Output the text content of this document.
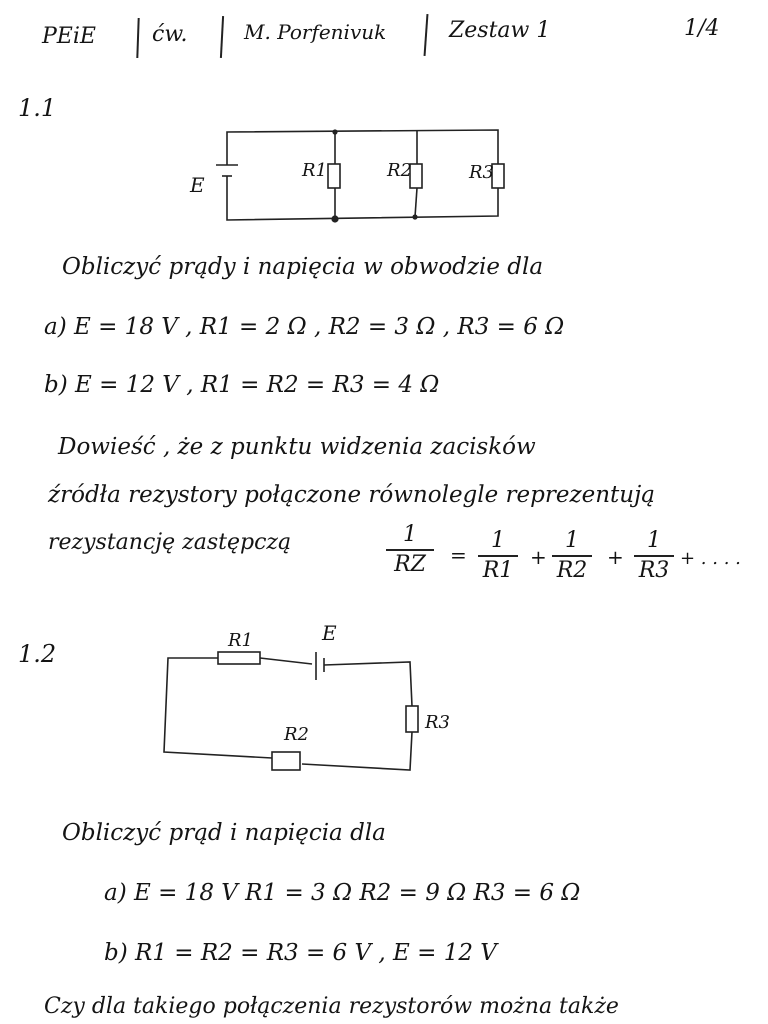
PEiE	ćw.	M. Porfenivuk	Zestaw 1	1/4
1.1
E
R1	R2	R3
Obliczyć prądy i napięcia w obwodzie dla
a) E = 18 V , R1 = 2 Ω , R2 = 3 Ω , R3 = 6 Ω
b) E = 12 V , R1 = R2 = R3 = 4 Ω
Dowieść , że z punktu widzenia zacisków
źródła rezystory połączone równolegle reprezentują
rezystancję zastępczą	$\frac{1}{RZ} = \frac{1}{R1} + \frac{1}{R2} + \frac{1}{R3}$ + . . . .
1.2	R1	E
R3
R2
Obliczyć prąd i napięcia dla
a) E = 18 V R1 = 3 Ω R2 = 9 Ω R3 = 6 Ω
b) R1 = R2 = R3 = 6 V , E = 12 V
Czy dla takiego połączenia rezystorów można także
